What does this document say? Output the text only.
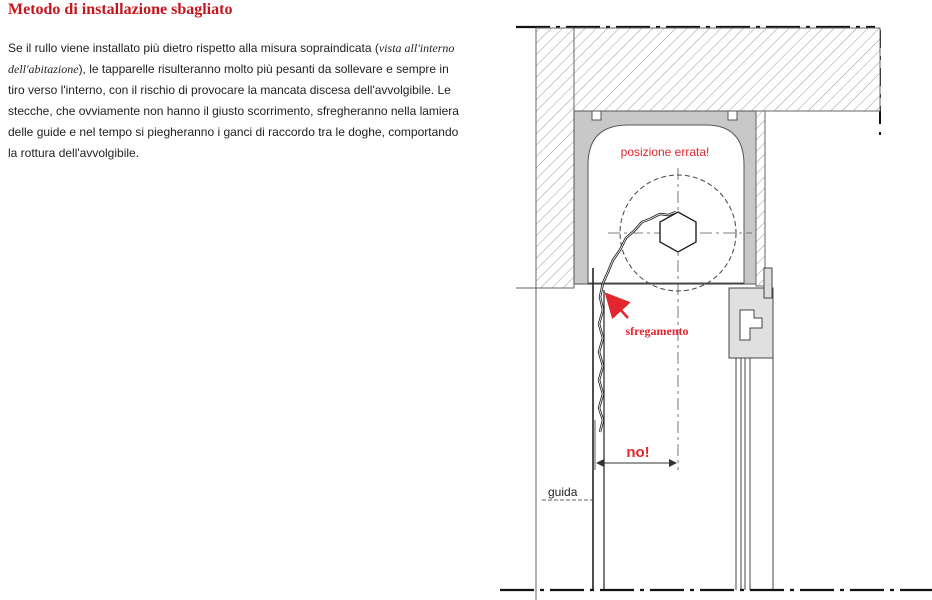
Metodo di installazione sbagliato

Se il rullo viene installato più dietro rispetto alla misura sopraindicata (vista all'interno dell'abitazione), le tapparelle risulteranno molto più pesanti da sollevare e sempre in tiro verso l'interno, con il rischio di provocare la mancata discesa dell'avvolgibile. Le stecche, che ovviamente non hanno il giusto scorrimento, sfregheranno nella lamiera delle guide e nel tempo si piegheranno i ganci di raccordo tra le doghe, comportando la rottura dell'avvolgibile.	posizione errata!
sfregamento
no!
guida
